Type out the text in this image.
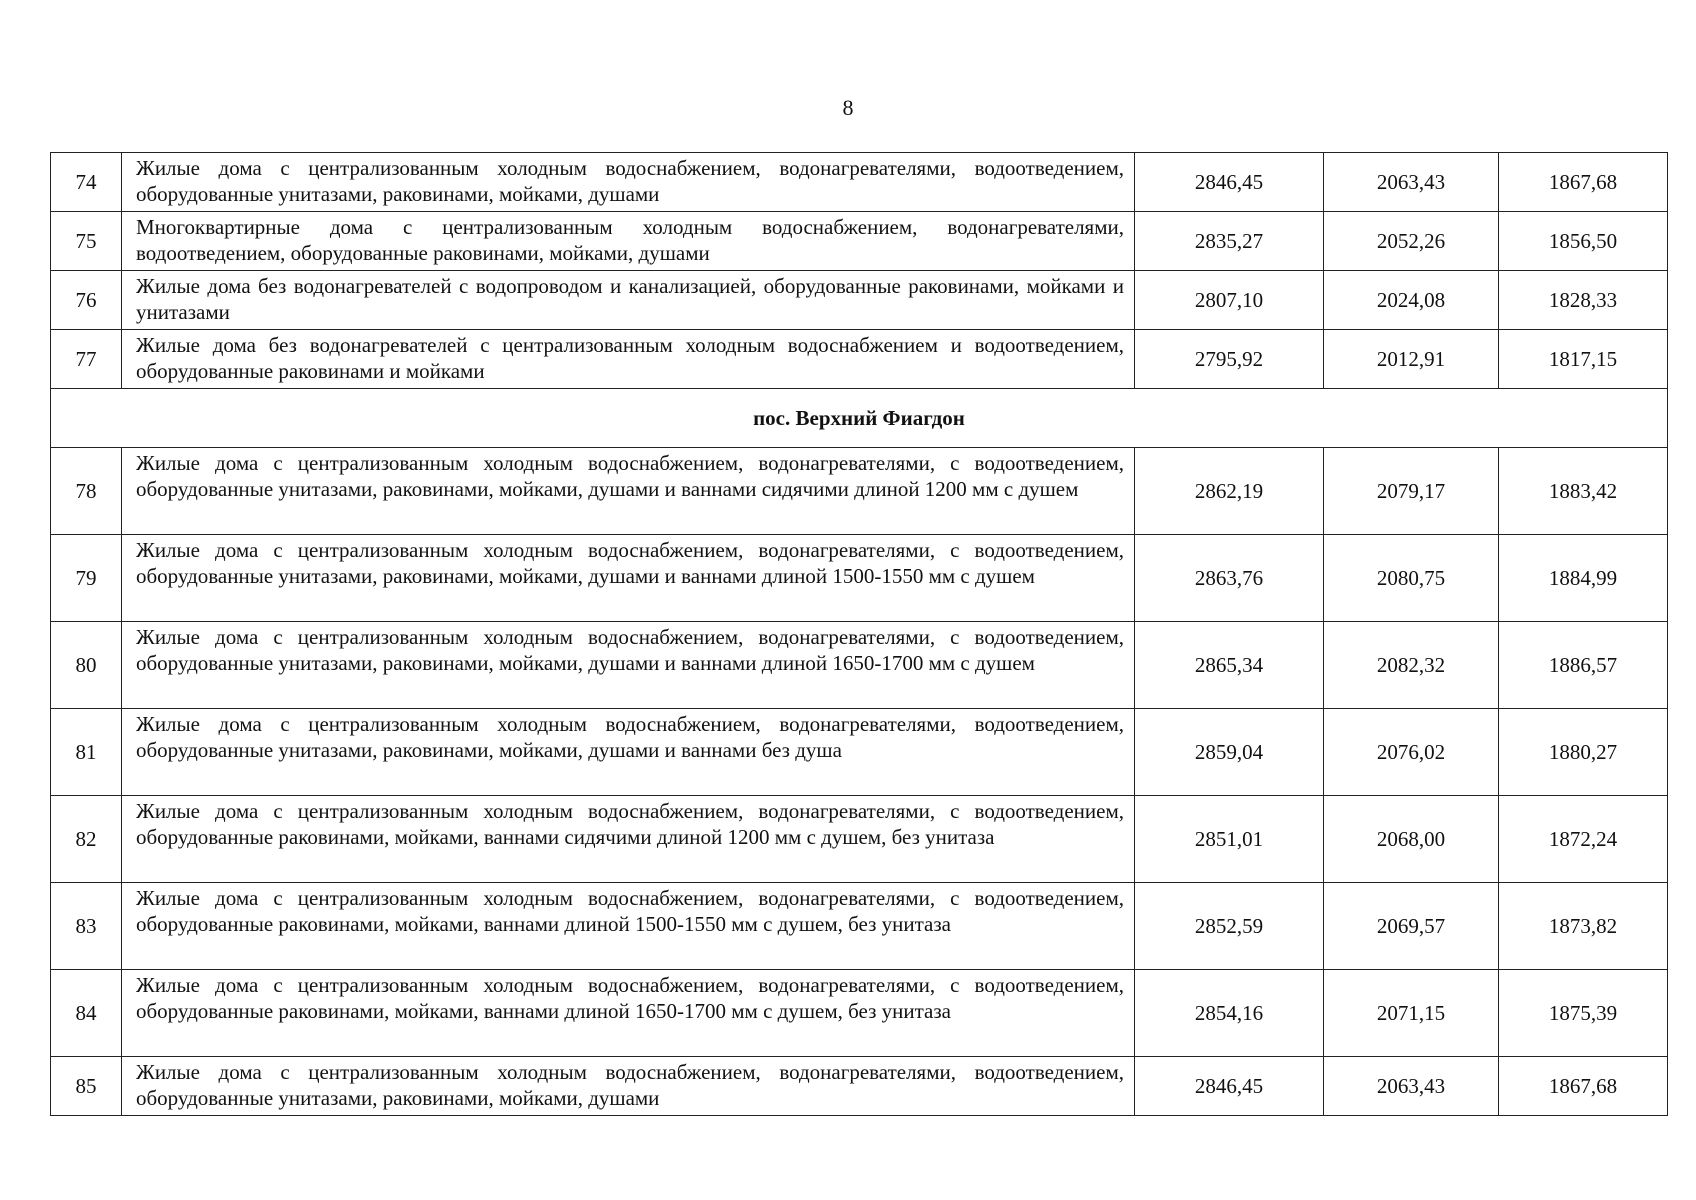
8
74	Жилые дома с централизованным холодным водоснабжением, водонагревателями, водоотведением, оборудованные унитазами, раковинами, мойками, душами	2846,45	2063,43	1867,68
75	Многоквартирные дома с централизованным холодным водоснабжением, водонагревателями, водоотведением, оборудованные раковинами, мойками, душами	2835,27	2052,26	1856,50
76	Жилые дома без водонагревателей с водопроводом и канализацией, оборудованные раковинами, мойками и унитазами	2807,10	2024,08	1828,33
77	Жилые дома без водонагревателей с централизованным холодным водоснабжением и водоотведением, оборудованные раковинами и мойками	2795,92	2012,91	1817,15
пос. Верхний Фиагдон				
78	Жилые дома с централизованным холодным водоснабжением, водонагревателями, с водоотведением, оборудованные унитазами, раковинами, мойками, душами и ваннами сидячими длиной 1200 мм с душем	2862,19	2079,17	1883,42
79	Жилые дома с централизованным холодным водоснабжением, водонагревателями, с водоотведением, оборудованные унитазами, раковинами, мойками, душами и ваннами длиной 1500-1550 мм с душем	2863,76	2080,75	1884,99
80	Жилые дома с централизованным холодным водоснабжением, водонагревателями, с водоотведением, оборудованные унитазами, раковинами, мойками, душами и ваннами длиной 1650-1700 мм с душем	2865,34	2082,32	1886,57
81	Жилые дома с централизованным холодным водоснабжением, водонагревателями, водоотведением, оборудованные унитазами, раковинами, мойками, душами и ваннами без душа	2859,04	2076,02	1880,27
82	Жилые дома с централизованным холодным водоснабжением, водонагревателями, с водоотведением, оборудованные раковинами, мойками, ваннами сидячими длиной 1200 мм с душем, без унитаза	2851,01	2068,00	1872,24
83	Жилые дома с централизованным холодным водоснабжением, водонагревателями, с водоотведением, оборудованные раковинами, мойками, ваннами длиной 1500-1550 мм с душем, без унитаза	2852,59	2069,57	1873,82
84	Жилые дома с централизованным холодным водоснабжением, водонагревателями, с водоотведением, оборудованные раковинами, мойками, ваннами длиной 1650-1700 мм с душем, без унитаза	2854,16	2071,15	1875,39
85	Жилые дома с централизованным холодным водоснабжением, водонагревателями, водоотведением, оборудованные унитазами, раковинами, мойками, душами	2846,45	2063,43	1867,68
